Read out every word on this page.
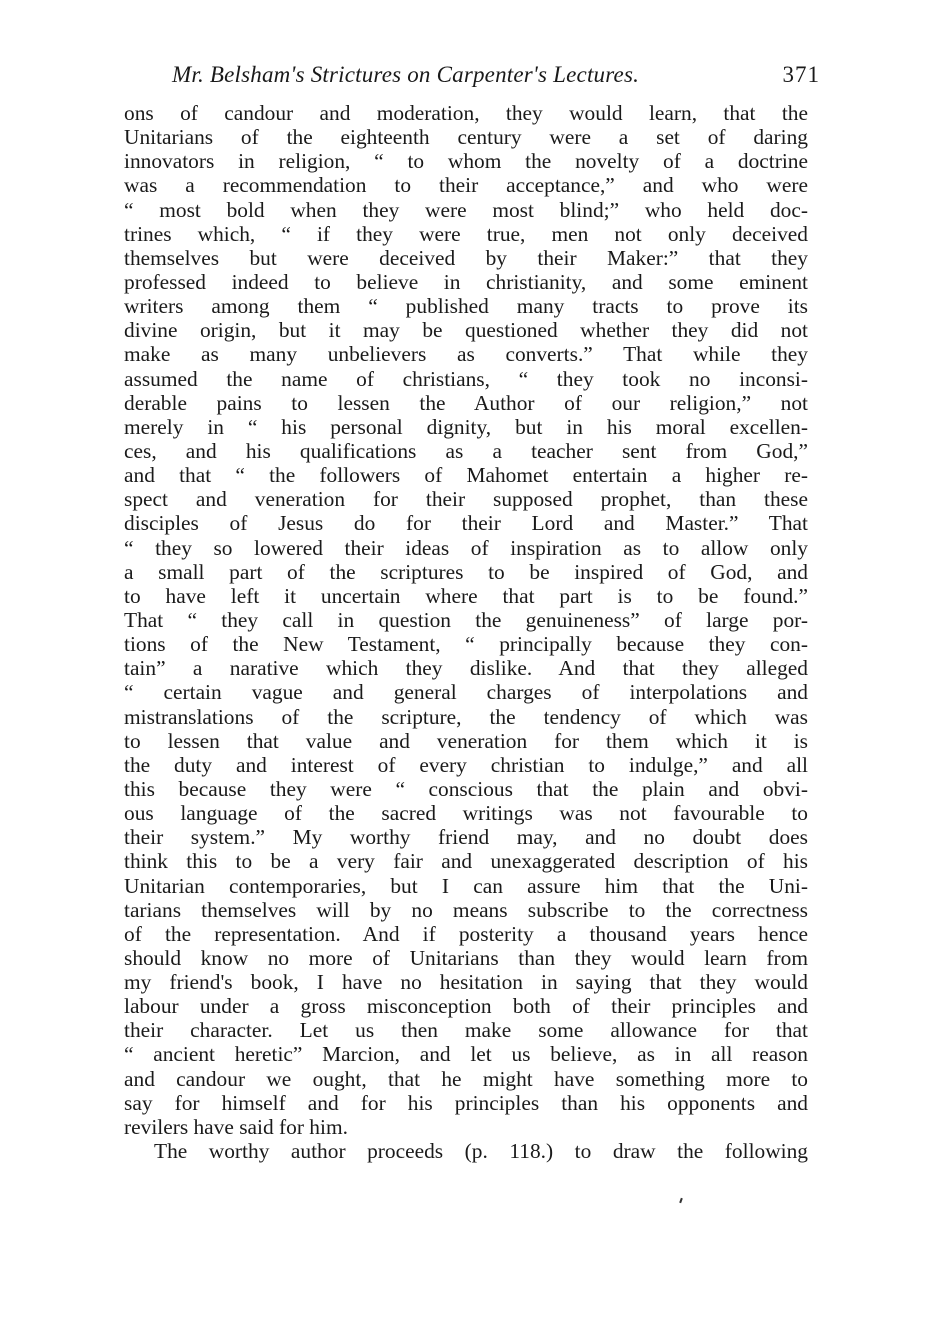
Mr. Belsham's Strictures on Carpenter's Lectures.	371
ons of candour and moderation, they would learn, that the
Unitarians of the eighteenth century were a set of daring
innovators in religion, “ to whom the novelty of a doctrine
was a recommendation to their acceptance,” and who were
“ most bold when they were most blind;” who held doc-
trines which, “ if they were true, men not only deceived
themselves but were deceived by their Maker:” that they
professed indeed to believe in christianity, and some eminent
writers among them “ published many tracts to prove its
divine origin, but it may be questioned whether they did not
make as many unbelievers as converts.” That while they
assumed the name of christians, “ they took no inconsi-
derable pains to lessen the Author of our religion,” not
merely in “ his personal dignity, but in his moral excellen-
ces, and his qualifications as a teacher sent from God,”
and that “ the followers of Mahomet entertain a higher re-
spect and veneration for their supposed prophet, than these
disciples of Jesus do for their Lord and Master.” That
“ they so lowered their ideas of inspiration as to allow only
a small part of the scriptures to be inspired of God, and
to have left it uncertain where that part is to be found.”
That “ they call in question the genuineness” of large por-
tions of the New Testament, “ principally because they con-
tain” a narative which they dislike. And that they alleged
“ certain vague and general charges of interpolations and
mistranslations of the scripture, the tendency of which was
to lessen that value and veneration for them which it is
the duty and interest of every christian to indulge,” and all
this because they were “ conscious that the plain and obvi-
ous language of the sacred writings was not favourable to
their system.” My worthy friend may, and no doubt does
think this to be a very fair and unexaggerated description of his
Unitarian contemporaries, but I can assure him that the Uni-
tarians themselves will by no means subscribe to the correctness
of the representation. And if posterity a thousand years hence
should know no more of Unitarians than they would learn from
my friend's book, I have no hesitation in saying that they would
labour under a gross misconception both of their principles and
their character. Let us then make some allowance for that
“ ancient heretic” Marcion, and let us believe, as in all reason
and candour we ought, that he might have something more to
say for himself and for his principles than his opponents and
revilers have said for him.
The worthy author proceeds (p. 118.) to draw the following
